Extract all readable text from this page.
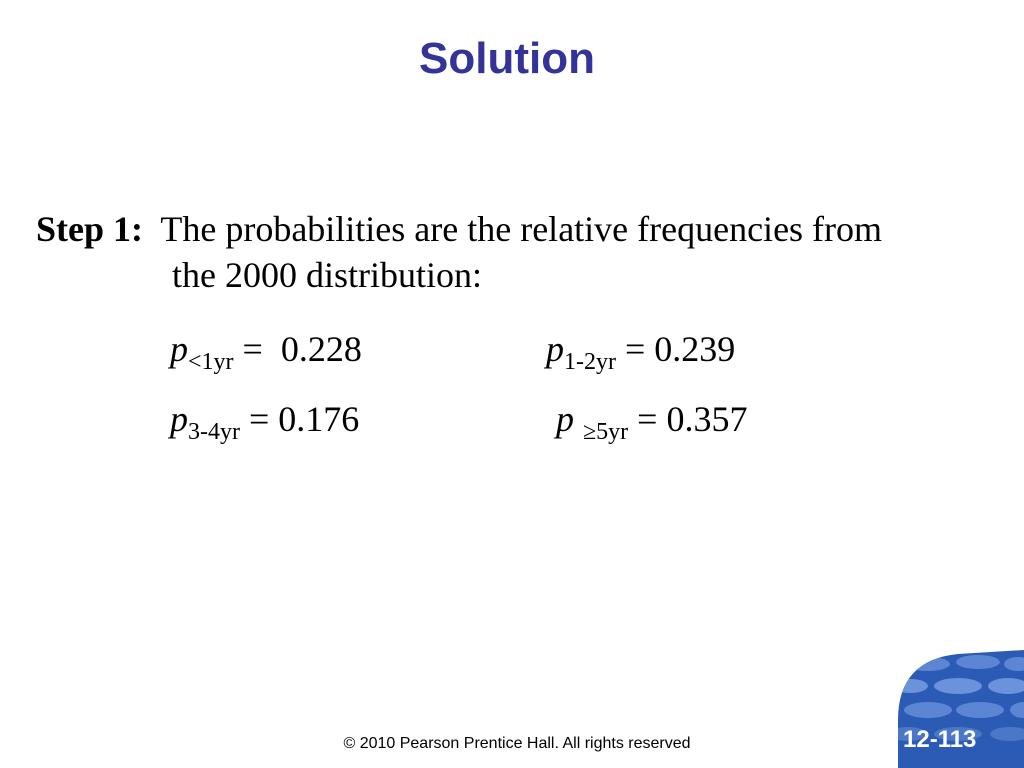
Solution
Step 1: The probabilities are the relative frequencies from
the 2000 distribution:
$p_{<1yr} = 0.228$	$p_{1-2yr} = 0.239$
$p_{3-4yr} = 0.176$	p $_{\ge 5yr}$ = 0.357
© 2010 Pearson Prentice Hall. All rights reserved	12-113
